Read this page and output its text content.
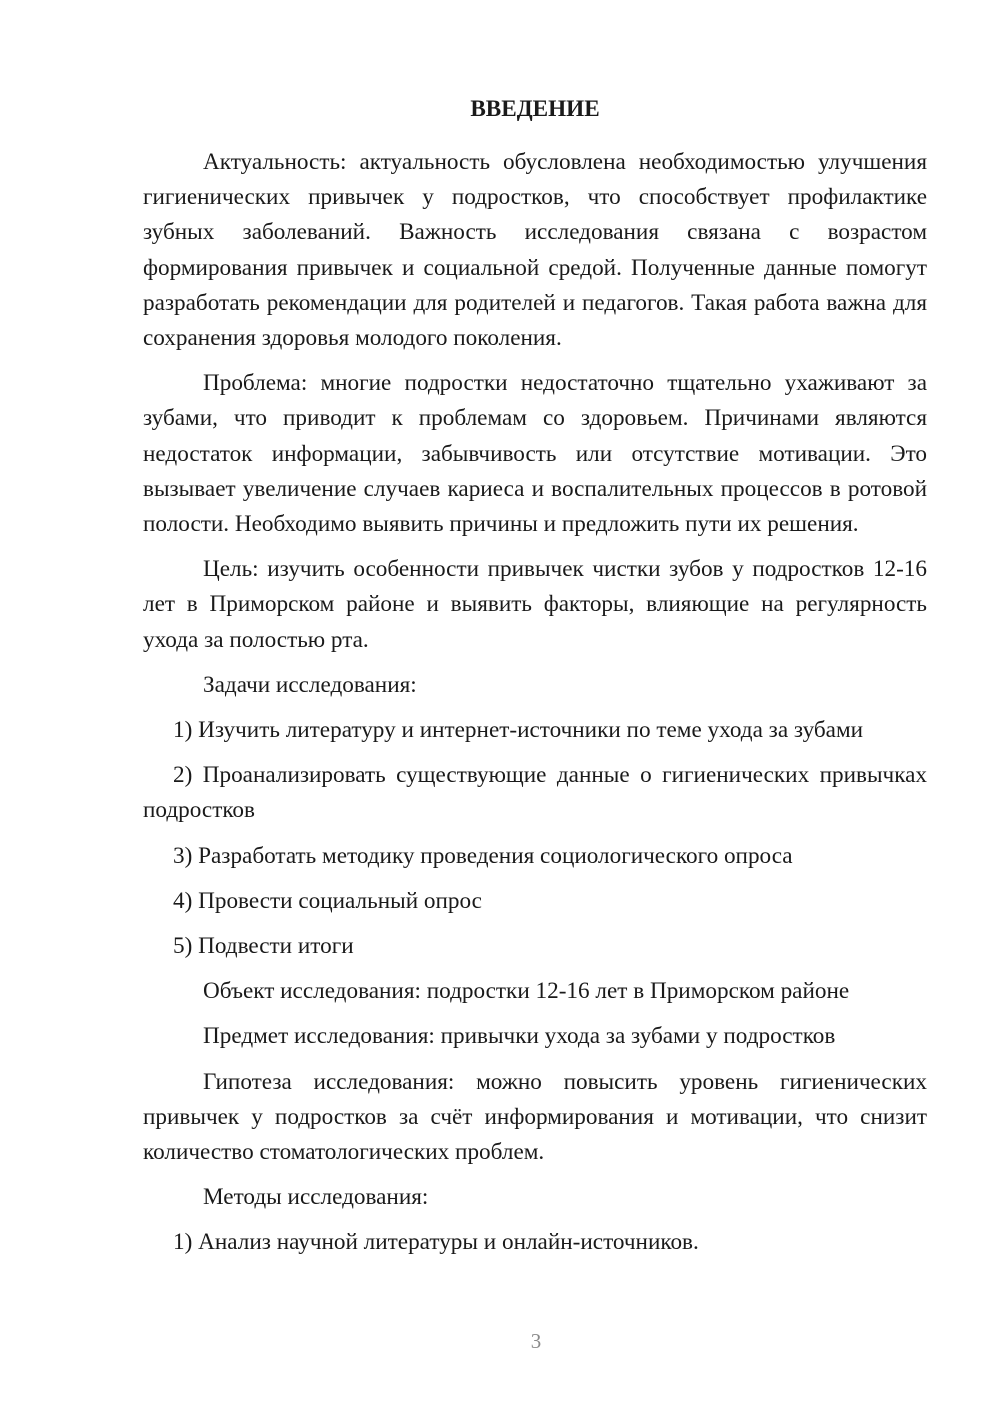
ВВЕДЕНИЕ

Актуальность: актуальность обусловлена необходимостью улучшения гигиенических привычек у подростков, что способствует профилактике зубных заболеваний. Важность исследования связана с возрастом формирования привычек и социальной средой. Полученные данные помогут разработать рекомендации для родителей и педагогов. Такая работа важна для сохранения здоровья молодого поколения.

Проблема: многие подростки недостаточно тщательно ухаживают за зубами, что приводит к проблемам со здоровьем. Причинами являются недостаток информации, забывчивость или отсутствие мотивации. Это вызывает увеличение случаев кариеса и воспалительных процессов в ротовой полости. Необходимо выявить причины и предложить пути их решения.

Цель: изучить особенности привычек чистки зубов у подростков 12-16 лет в Приморском районе и выявить факторы, влияющие на регулярность ухода за полостью рта.

Задачи исследования:

1) Изучить литературу и интернет-источники по теме ухода за зубами

2) Проанализировать существующие данные о гигиенических привычках подростков

3) Разработать методику проведения социологического опроса

4) Провести социальный опрос

5) Подвести итоги

Объект исследования: подростки 12-16 лет в Приморском районе

Предмет исследования: привычки ухода за зубами у подростков

Гипотеза исследования: можно повысить уровень гигиенических привычек у подростков за счёт информирования и мотивации, что снизит количество стоматологических проблем.

Методы исследования:

1) Анализ научной литературы и онлайн-источников.

3
